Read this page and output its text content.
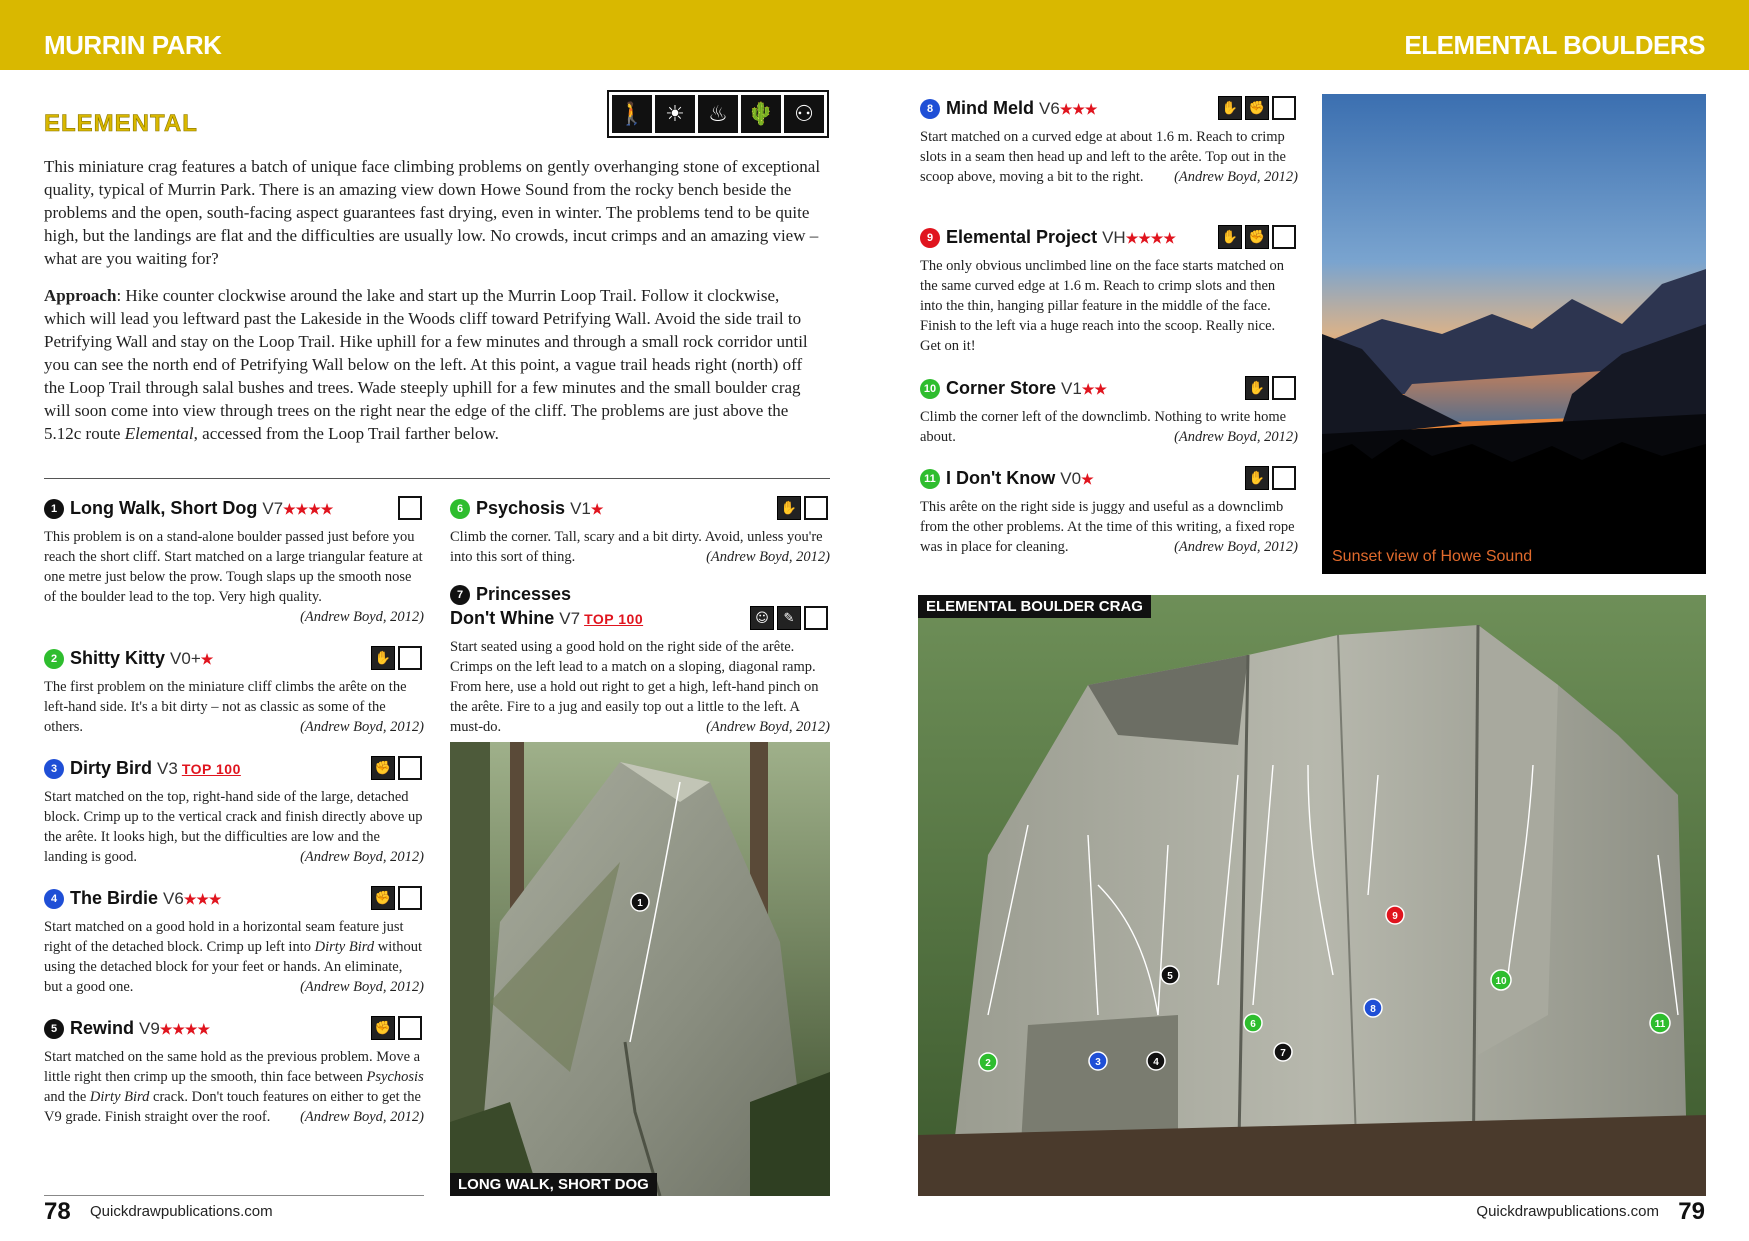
MURRIN PARK	ELEMENTAL BOULDERS
ELEMENTAL	🚶 ☀	♨ 🌵 ⚇

This miniature crag features a batch of unique face climbing problems on gently overhanging stone of exceptional quality, typical of Murrin Park. There is an amazing view down Howe Sound from the rocky bench beside the problems and the open, south-facing aspect guarantees fast drying, even in winter. The problems tend to be quite high, but the landings are flat and the difficulties are usually low. No crowds, incut crimps and an amazing view – what are you waiting for?

Approach: Hike counter clockwise around the lake and start up the Murrin Loop Trail. Follow it clockwise, which will lead you leftward past the Lakeside in the Woods cliff toward Petrifying Wall. Avoid the side trail to Petrifying Wall and stay on the Loop Trail. Hike uphill for a few minutes and through a small rock corridor until you can see the north end of Petrifying Wall below on the left. At this point, a vague trail heads right (north) off the Loop Trail through salal bushes and trees. Wade steeply uphill for a few minutes and the small boulder crag will soon come into view through trees on the right near the edge of the cliff. The problems are just above the 5.12c route Elemental, accessed from the Loop Trail farther below.

1 Long Walk, Short Dog V7★★★★
This problem is on a stand-alone boulder passed just before you reach the short cliff. Start matched on a large triangular feature at one metre just below the prow. Tough slaps up the smooth nose of the boulder lead to the top. Very high quality.
(Andrew Boyd, 2012)
2 Shitty Kitty V0+★	✋
The first problem on the miniature cliff climbs the arête on the left-hand side. It's a bit dirty – not as classic as some of the others.	(Andrew Boyd, 2012)
3 Dirty Bird V3 TOP 100	✊
Start matched on the top, right-hand side of the large, detached block. Crimp up to the vertical crack and finish directly above up the arête. It looks high, but the difficulties are low and the landing is good.	(Andrew Boyd, 2012)
4 The Birdie V6★★★	✊
Start matched on a good hold in a horizontal seam feature just right of the detached block. Crimp up left into Dirty Bird without using the detached block for your feet or hands. An eliminate, but a good one.	(Andrew Boyd, 2012)
5 Rewind V9★★★★	✊
Start matched on the same hold as the previous problem. Move a little right then crimp up the smooth, thin face between Psychosis and the Dirty Bird crack. Don't touch features on either to get the V9 grade. Finish straight over the roof. (Andrew Boyd, 2012)
6 Psychosis V1★	✋
Climb the corner. Tall, scary and a bit dirty. Avoid, unless you're into this sort of thing.	(Andrew Boyd, 2012)
7 Princesses
Don't Whine V7 TOP 100	☺	✎
Start seated using a good hold on the right side of the arête. Crimps on the left lead to a match on a sloping, diagonal ramp. From here, use a hold out right to get a high, left-hand pinch on the arête. Fire to a jug and easily top out a little to the left. A must-do.	(Andrew Boyd, 2012)
1
LONG WALK, SHORT DOG
8 Mind Meld V6★★★	✋ ✊
Start matched on a curved edge at about 1.6 m. Reach to crimp slots in a seam then head up and left to the arête. Top out in the scoop above, moving a bit to the right. (Andrew Boyd, 2012)
9 Elemental Project VH★★★★	✋ ✊
The only obvious unclimbed line on the face starts matched on the same curved edge at 1.6 m. Reach to crimp slots and then into the thin, hanging pillar feature in the middle of the face. Finish to the left via a huge reach into the scoop. Really nice. Get on it!
10 Corner Store V1★★	✋
Climb the corner left of the downclimb. Nothing to write home about.	(Andrew Boyd, 2012)
11 I Don't Know V0★	✋
This arête on the right side is juggy and useful as a downclimb from the other problems. At the time of this writing, a fixed rope was in place for cleaning.	(Andrew Boyd, 2012)
Sunset view of Howe Sound
2	3	4
5
6
7
8
9
10
11
ELEMENTAL BOULDER CRAG
78 Quickdrawpublications.com	Quickdrawpublications.com 79
